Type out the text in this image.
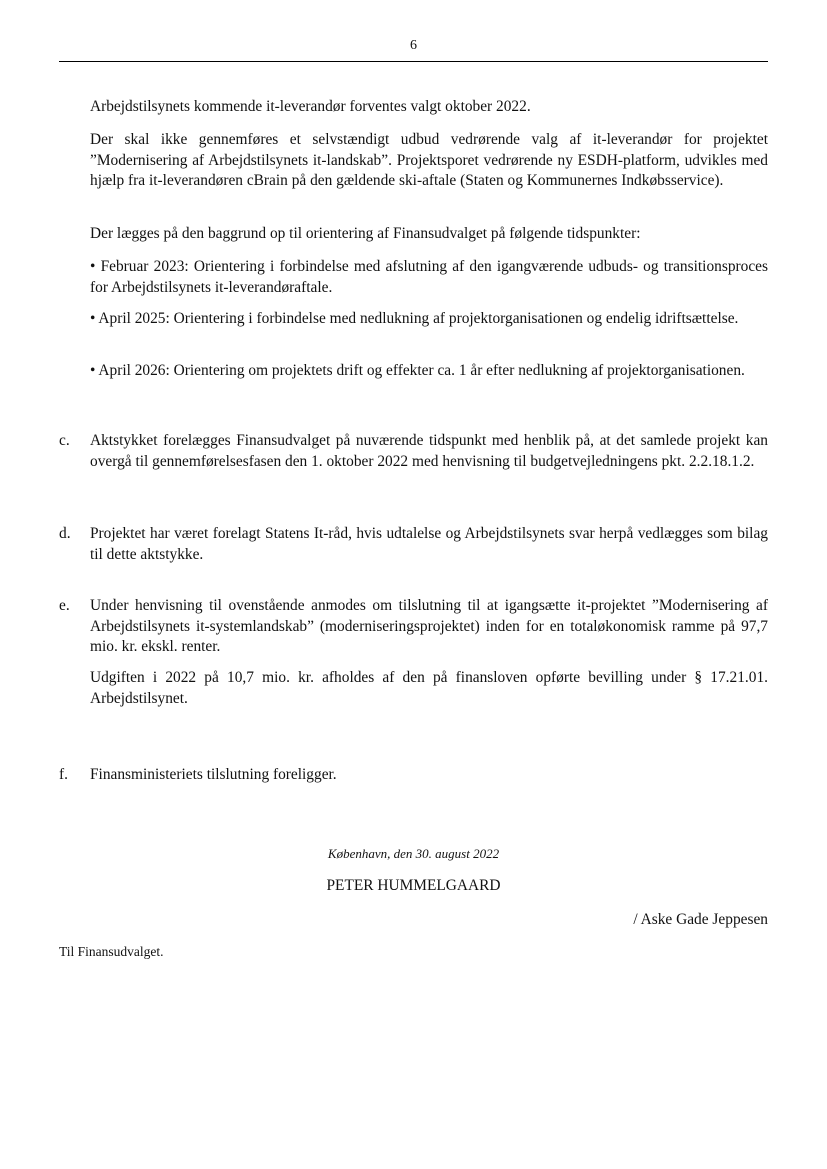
6

Arbejdstilsynets kommende it-leverandør forventes valgt oktober 2022.

Der skal ikke gennemføres et selvstændigt udbud vedrørende valg af it-leverandør for projektet ”Modernisering af Arbejdstilsynets it-landskab”. Projektsporet vedrørende ny ESDH-platform, udvikles med hjælp fra it-leverandøren cBrain på den gældende ski-aftale (Staten og Kommunernes Indkøbsservice).

Der lægges på den baggrund op til orientering af Finansudvalget på følgende tidspunkter:

• Februar 2023: Orientering i forbindelse med afslutning af den igangværende udbuds- og transitionsproces for Arbejdstilsynets it-leverandøraftale.

• April 2025: Orientering i forbindelse med nedlukning af projektorganisationen og endelig idriftsættelse.

• April 2026: Orientering om projektets drift og effekter ca. 1 år efter nedlukning af projektorganisationen.

c. Aktstykket forelægges Finansudvalget på nuværende tidspunkt med henblik på, at det samlede projekt kan overgå til gennemførelsesfasen den 1. oktober 2022 med henvisning til budgetvejledningens pkt. 2.2.18.1.2.

d. Projektet har været forelagt Statens It-råd, hvis udtalelse og Arbejdstilsynets svar herpå vedlægges som bilag til dette aktstykke.

e. Under henvisning til ovenstående anmodes om tilslutning til at igangsætte it-projektet ”Modernisering af Arbejdstilsynets it-systemlandskab” (moderniseringsprojektet) inden for en totaløkonomisk ramme på 97,7 mio. kr. ekskl. renter.

Udgiften i 2022 på 10,7 mio. kr. afholdes af den på finansloven opførte bevilling under § 17.21.01. Arbejdstilsynet.

f. Finansministeriets tilslutning foreligger.

København, den 30. august 2022
PETER HUMMELGAARD
/ Aske Gade Jeppesen
Til Finansudvalget.
